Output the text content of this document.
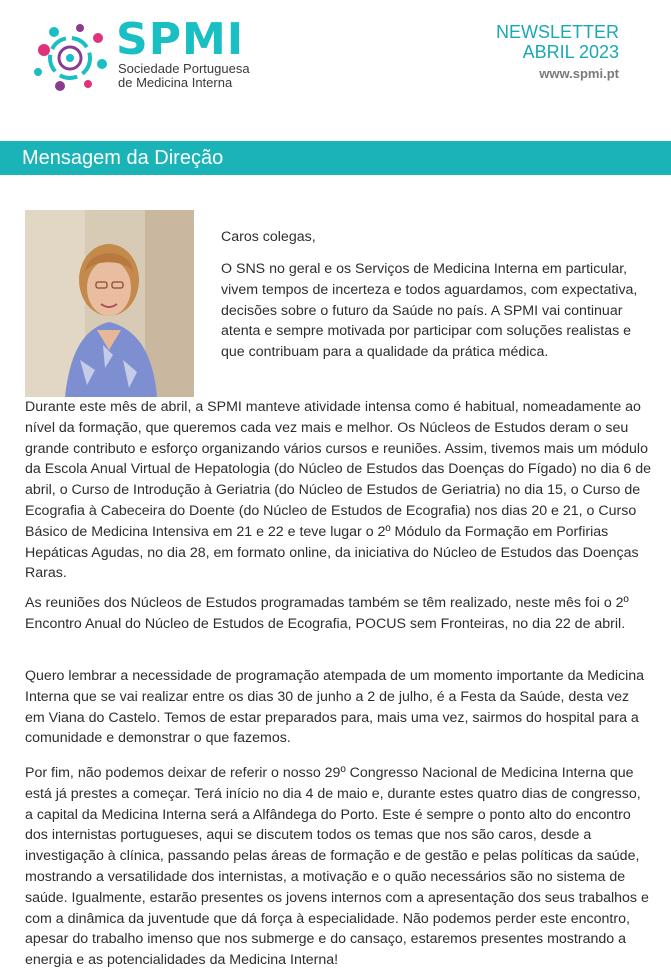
SPMI
Sociedade Portuguesa
de Medicina Interna
NEWSLETTER
ABRIL 2023
www.spmi.pt
Mensagem da Direção
Caros colegas,
O SNS no geral e os Serviços de Medicina Interna em particular, vivem tempos de incerteza e todos aguardamos, com expectativa, decisões sobre o futuro da Saúde no país. A SPMI vai continuar atenta e sempre motivada por participar com soluções realistas e que contribuam para a qualidade da prática médica.
Durante este mês de abril, a SPMI manteve atividade intensa como é habitual, nomeadamente ao nível da formação, que queremos cada vez mais e melhor. Os Núcleos de Estudos deram o seu grande contributo e esforço organizando vários cursos e reuniões. Assim, tivemos mais um módulo da Escola Anual Virtual de Hepatologia (do Núcleo de Estudos das Doenças do Fígado) no dia 6 de abril, o Curso de Introdução à Geriatria (do Núcleo de Estudos de Geriatria) no dia 15, o Curso de Ecografia à Cabeceira do Doente (do Núcleo de Estudos de Ecografia) nos dias 20 e 21, o Curso Básico de Medicina Intensiva em 21 e 22 e teve lugar o 2º Módulo da Formação em Porfirias Hepáticas Agudas, no dia 28, em formato online, da iniciativa do Núcleo de Estudos das Doenças Raras.
As reuniões dos Núcleos de Estudos programadas também se têm realizado, neste mês foi o 2º Encontro Anual do Núcleo de Estudos de Ecografia, POCUS sem Fronteiras, no dia 22 de abril.
Quero lembrar a necessidade de programação atempada de um momento importante da Medicina Interna que se vai realizar entre os dias 30 de junho a 2 de julho, é a Festa da Saúde, desta vez em Viana do Castelo. Temos de estar preparados para, mais uma vez, sairmos do hospital para a comunidade e demonstrar o que fazemos.
Por fim, não podemos deixar de referir o nosso 29º Congresso Nacional de Medicina Interna que está já prestes a começar. Terá início no dia 4 de maio e, durante estes quatro dias de congresso, a capital da Medicina Interna será a Alfândega do Porto. Este é sempre o ponto alto do encontro dos internistas portugueses, aqui se discutem todos os temas que nos são caros, desde a investigação à clínica, passando pelas áreas de formação e de gestão e pelas políticas da saúde, mostrando a versatilidade dos internistas, a motivação e o quão necessários são no sistema de saúde. Igualmente, estarão presentes os jovens internos com a apresentação dos seus trabalhos e com a dinâmica da juventude que dá força à especialidade. Não podemos perder este encontro, apesar do trabalho imenso que nos submerge e do cansaço, estaremos presentes mostrando a energia e as potencialidades da Medicina Interna!
